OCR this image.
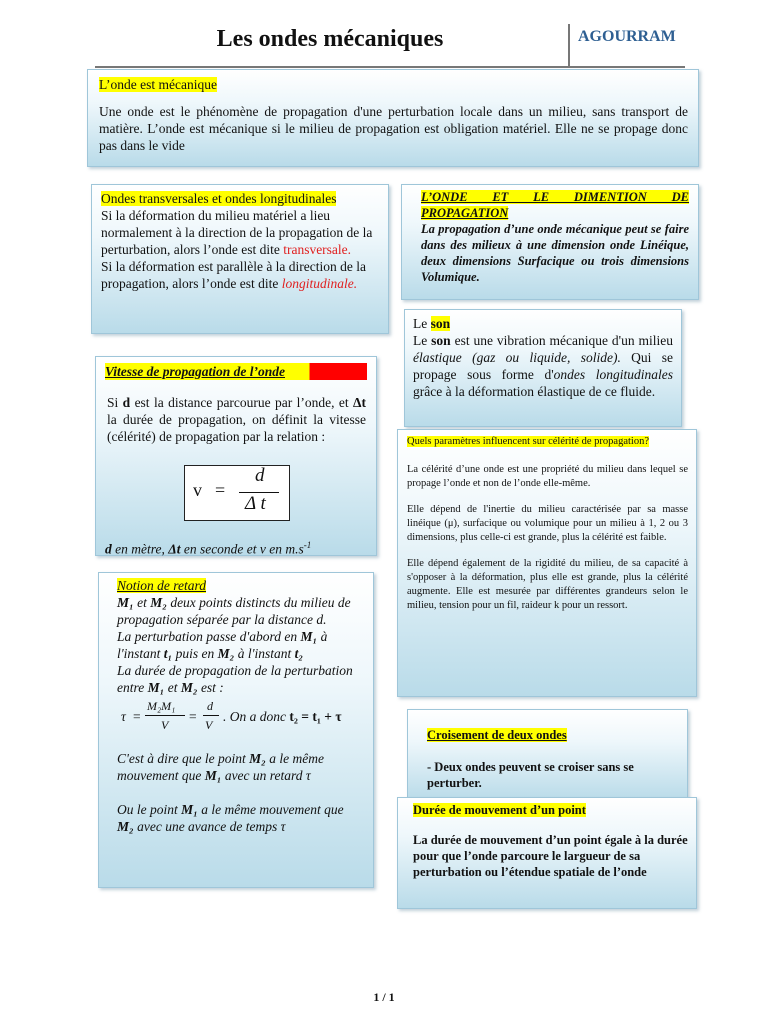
Les ondes mécaniques	AGOURRAM
L’onde est mécanique

Une onde est le phénomène de propagation d'une perturbation locale dans un milieu, sans transport de matière. L’onde est mécanique si le milieu de propagation est obligation matériel. Elle ne se propage donc pas dans le vide

Ondes transversales et ondes longitudinales
Si la déformation du milieu matériel a lieu normalement à la direction de la propagation de la perturbation, alors l’onde est dite transversale.
Si la déformation est parallèle à la direction de la propagation, alors l’onde est dite longitudinale.
L’ONDE ET LE DIMENTION DE PROPAGATION
La propagation d’une onde mécanique peut se faire dans des milieux à une dimension onde Linéique, deux dimensions Surfacique ou trois dimensions Volumique.
Le son
Le son est une vibration mécanique d'un milieu élastique (gaz ou liquide, solide). Qui se propage sous forme d'ondes longitudinales grâce à la déformation élastique de ce fluide.
Vitesse de propagation de l’onde
Si d est la distance parcourue par l’onde, et Δt la durée de propagation, on définit la vitesse (célérité) de propagation par la relation :
v =
d
Δ t
d en mètre, Δt en seconde et v en $m.s^{-1}$

Quels paramètres influencent sur célérité de propagation?

La célérité d’une onde est une propriété du milieu dans lequel se propage l’onde et non de l’onde elle-même.

Elle dépend de l'inertie du milieu caractérisée par sa masse linéique (μ), surfacique ou volumique pour un milieu à 1, 2 ou 3 dimensions, plus celle-ci est grande, plus la célérité est faible.

Elle dépend également de la rigidité du milieu, de sa capacité à s'opposer à la déformation, plus elle est grande, plus la célérité augmente. Elle est mesurée par différentes grandeurs selon le milieu, tension pour un fil, raideur k pour un ressort.

Notion de retard
M₁ et M₂ deux points distincts du milieu de propagation séparée par la distance d.
La perturbation passe d'abord en M₁ à l'instant t₁ puis en M₂ à l'instant t₂
La durée de propagation de la perturbation entre M₁ et M₂ est :
τ =
M₂M₁
V
=
d
V
. On a donc t₂ = t₁ + τ
C'est à dire que le point M₂ a le même mouvement que M₁ avec un retard τ
Ou le point M₁ a le même mouvement que M₂ avec une avance de temps τ
Croisement de deux ondes
- Deux ondes peuvent se croiser sans se perturber.
Durée de mouvement d’un point
La durée de mouvement d’un point égale à la durée pour que l’onde parcoure le largueur de sa perturbation ou l’étendue spatiale de l’onde
1 / 1
